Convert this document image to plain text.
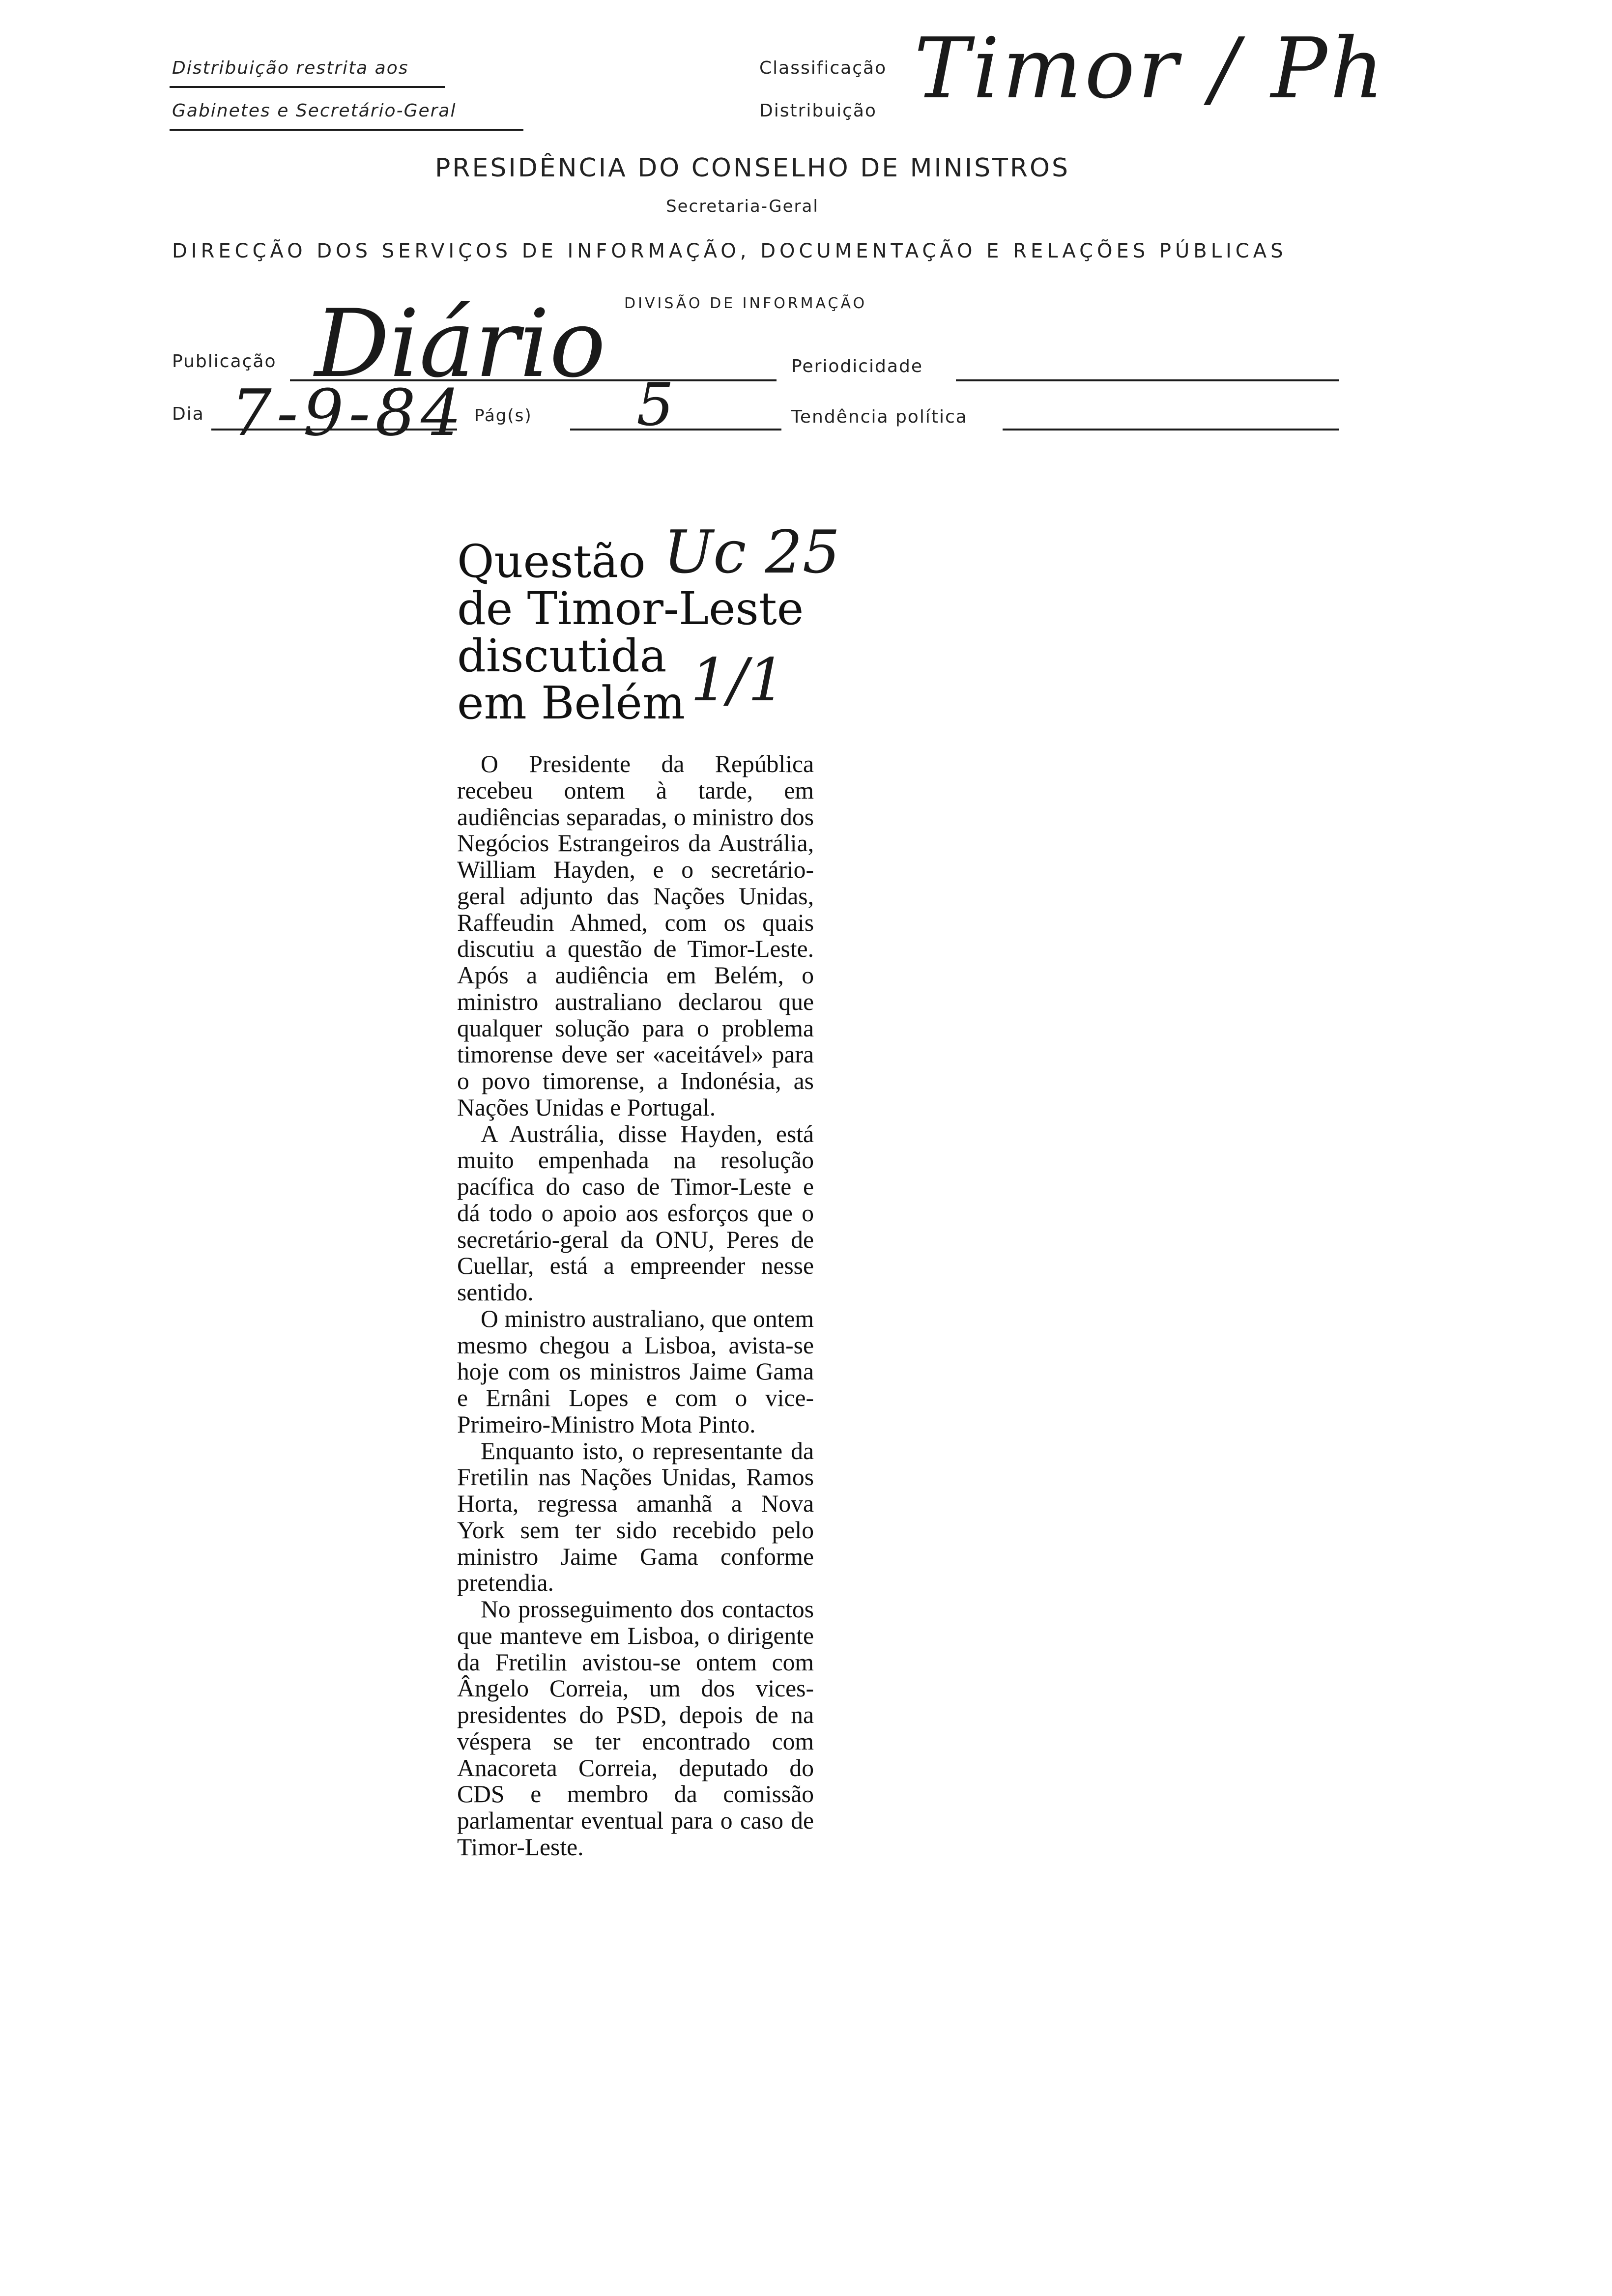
Distribuição restrita aos
Gabinetes e Secretário-Geral
Classificação
Distribuição Timor / Ph
PRESIDÊNCIA DO CONSELHO DE MINISTROS
Secretaria-Geral
DIRECÇÃO DOS SERVIÇOS DE INFORMAÇÃO, DOCUMENTAÇÃO E RELAÇÕES PÚBLICAS
DIVISÃO DE INFORMAÇÃO
Publicação Diário	Periodicidade
Dia 7-9-84 Pág(s) 5	Tendência política
Uc 25
1/1
Questão
de Timor-Leste
discutida
em Belém

O Presidente da República recebeu ontem à tarde, em audiências separadas, o ministro dos Negócios Estrangeiros da Austrália, William Hayden, e o secretário-geral adjunto das Nações Unidas, Raffeudin Ahmed, com os quais discutiu a questão de Timor-Leste. Após a audiência em Belém, o ministro australiano declarou que qualquer solução para o problema timorense deve ser «aceitável» para o povo timorense, a Indonésia, as Nações Unidas e Portugal.

A Austrália, disse Hayden, está muito empenhada na resolução pacífica do caso de Timor-Leste e dá todo o apoio aos esforços que o secretário-geral da ONU, Peres de Cuellar, está a empreender nesse sentido.

O ministro australiano, que ontem mesmo chegou a Lisboa, avista-se hoje com os ministros Jaime Gama e Ernâni Lopes e com o vice-Primeiro-Ministro Mota Pinto.

Enquanto isto, o representante da Fretilin nas Nações Unidas, Ramos Horta, regressa amanhã a Nova York sem ter sido recebido pelo ministro Jaime Gama conforme pretendia.

No prosseguimento dos contactos que manteve em Lisboa, o dirigente da Fretilin avistou-se ontem com Ângelo Correia, um dos vices-presidentes do PSD, depois de na véspera se ter encontrado com Anacoreta Correia, deputado do CDS e membro da comissão parlamentar eventual para o caso de Timor-Leste.
